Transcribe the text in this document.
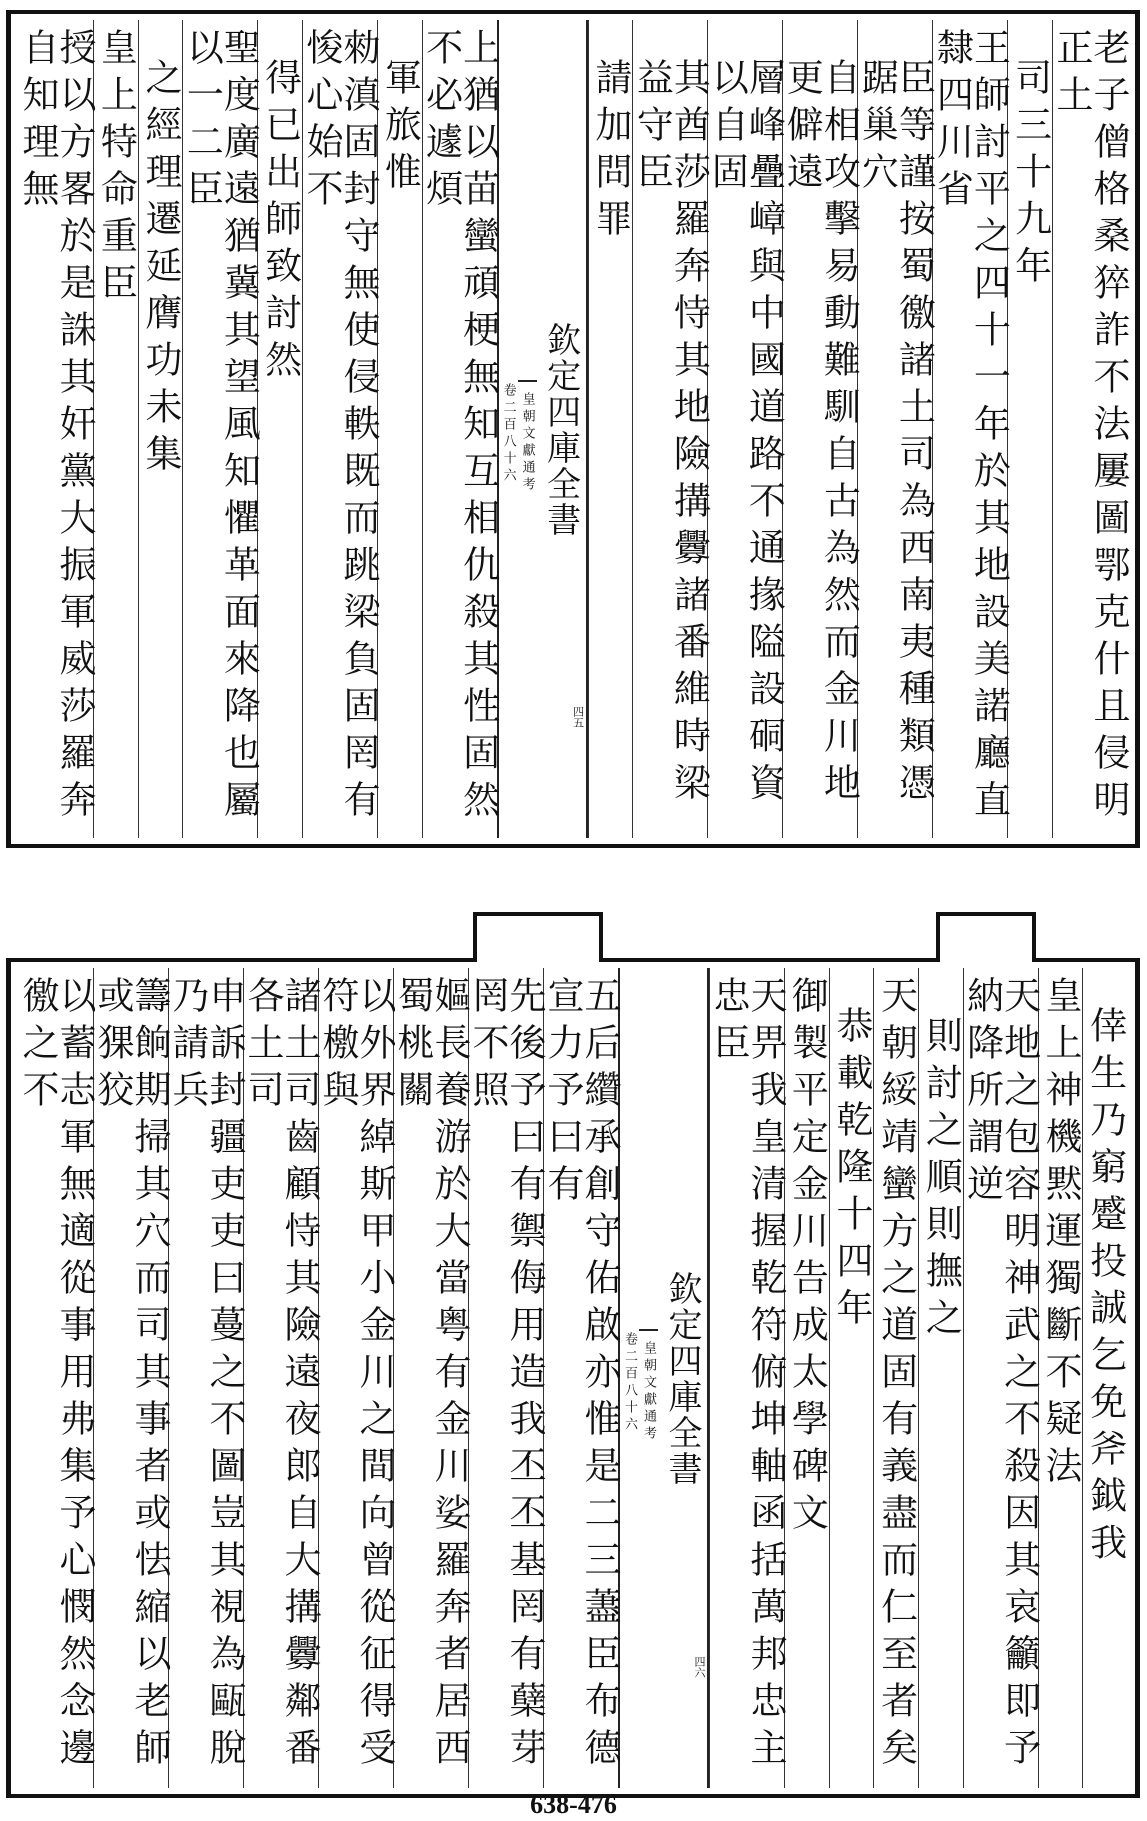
老子僧格桑猝詐不法屢圖鄂克什且侵明正土
司三十九年
王師討平之四十一年於其地設美諾廳直隸四川省
臣等謹按蜀徼諸土司為西南夷種類憑踞巢穴
自相攻擊易動難馴自古為然而金川地更僻遠
層峰疊嶂與中國道路不通掾隘設硐資以自固
其酋莎羅奔恃其地險搆釁諸番維時梁益守臣
請加問罪
欽定四庫全書
皇朝文獻通考
卷二百八十六
四五
上猶以苗蠻頑梗無知互相仇殺其性固然不必遽煩
軍旅惟
勑滇固封守無使侵軼既而跳梁負固罔有悛心始不
得已出師致討然
聖度廣遠猶冀其望風知懼革面來降也屬以一二臣
之經理遷延膺功未集
皇上特命重臣
授以方畧於是誅其奸黨大振軍威莎羅奔自知理無
倖生乃窮蹙投誠乞免斧鉞我
皇上神機黙運獨斷不疑法
天地之包容明神武之不殺因其哀籲即予納降所謂逆
則討之順則撫之
天朝綏靖蠻方之道固有義盡而仁至者矣
恭載乾隆十四年
御製平定金川告成太學碑文
天畀我皇清握乾符俯坤軸函括萬邦忠主忠臣
欽定四庫全書
皇朝文獻通考
卷二百八十六
四六
五后纘承創守佑啟亦惟是二三藎臣布德宣力予曰有
先後予曰有禦侮用造我丕丕基罔有蘖芽罔不照
嫗長養游於大當粤有金川娑羅奔者居西蜀桃關
以外界綽斯甲小金川之間向曾從征得受符檄與
諸土司齒顧恃其險遠夜郎自大搆釁鄰番各土司
申訴封疆吏吏曰蔓之不圖豈其視為甌脫乃請兵
籌餉期掃其穴而司其事者或怯縮以老師或猓狡
以蓄志軍無適從事用弗集予心憫然念邊徼之不
638-476
